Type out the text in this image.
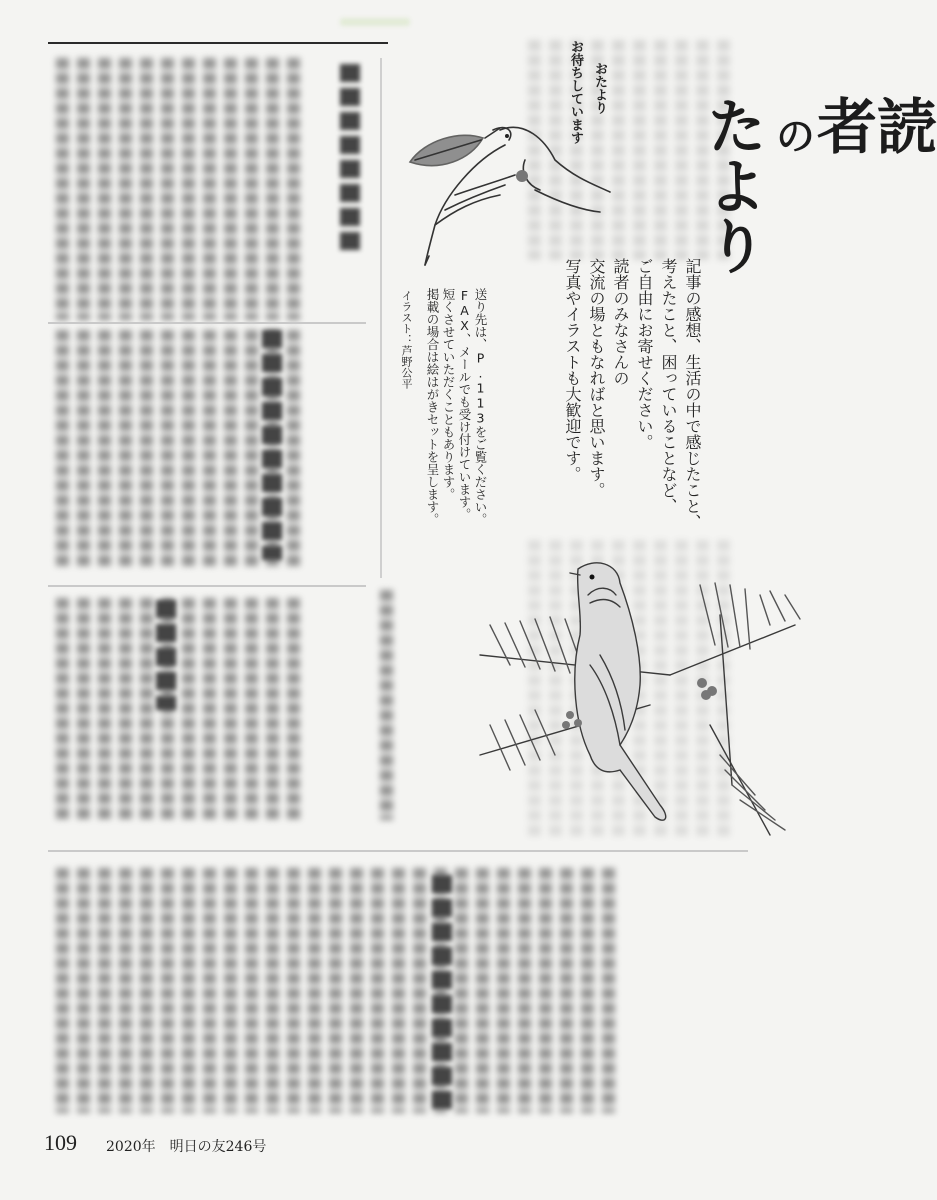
読
者
の
たより
記事の感想、生活の中で感じたこと、
考えたこと、困っていることなど、
ご自由にお寄せください。
読者のみなさんの
交流の場ともなればと思います。
写真やイラストも大歓迎です。
送り先は、P.113をご覧ください。
FAX、メールでも受け付けています。
短くさせていただくこともあります。
掲載の場合は絵はがきセットを呈します。
イラスト：芦野公平
おたより
お待ちしています
109 2020年　明日の友246号
